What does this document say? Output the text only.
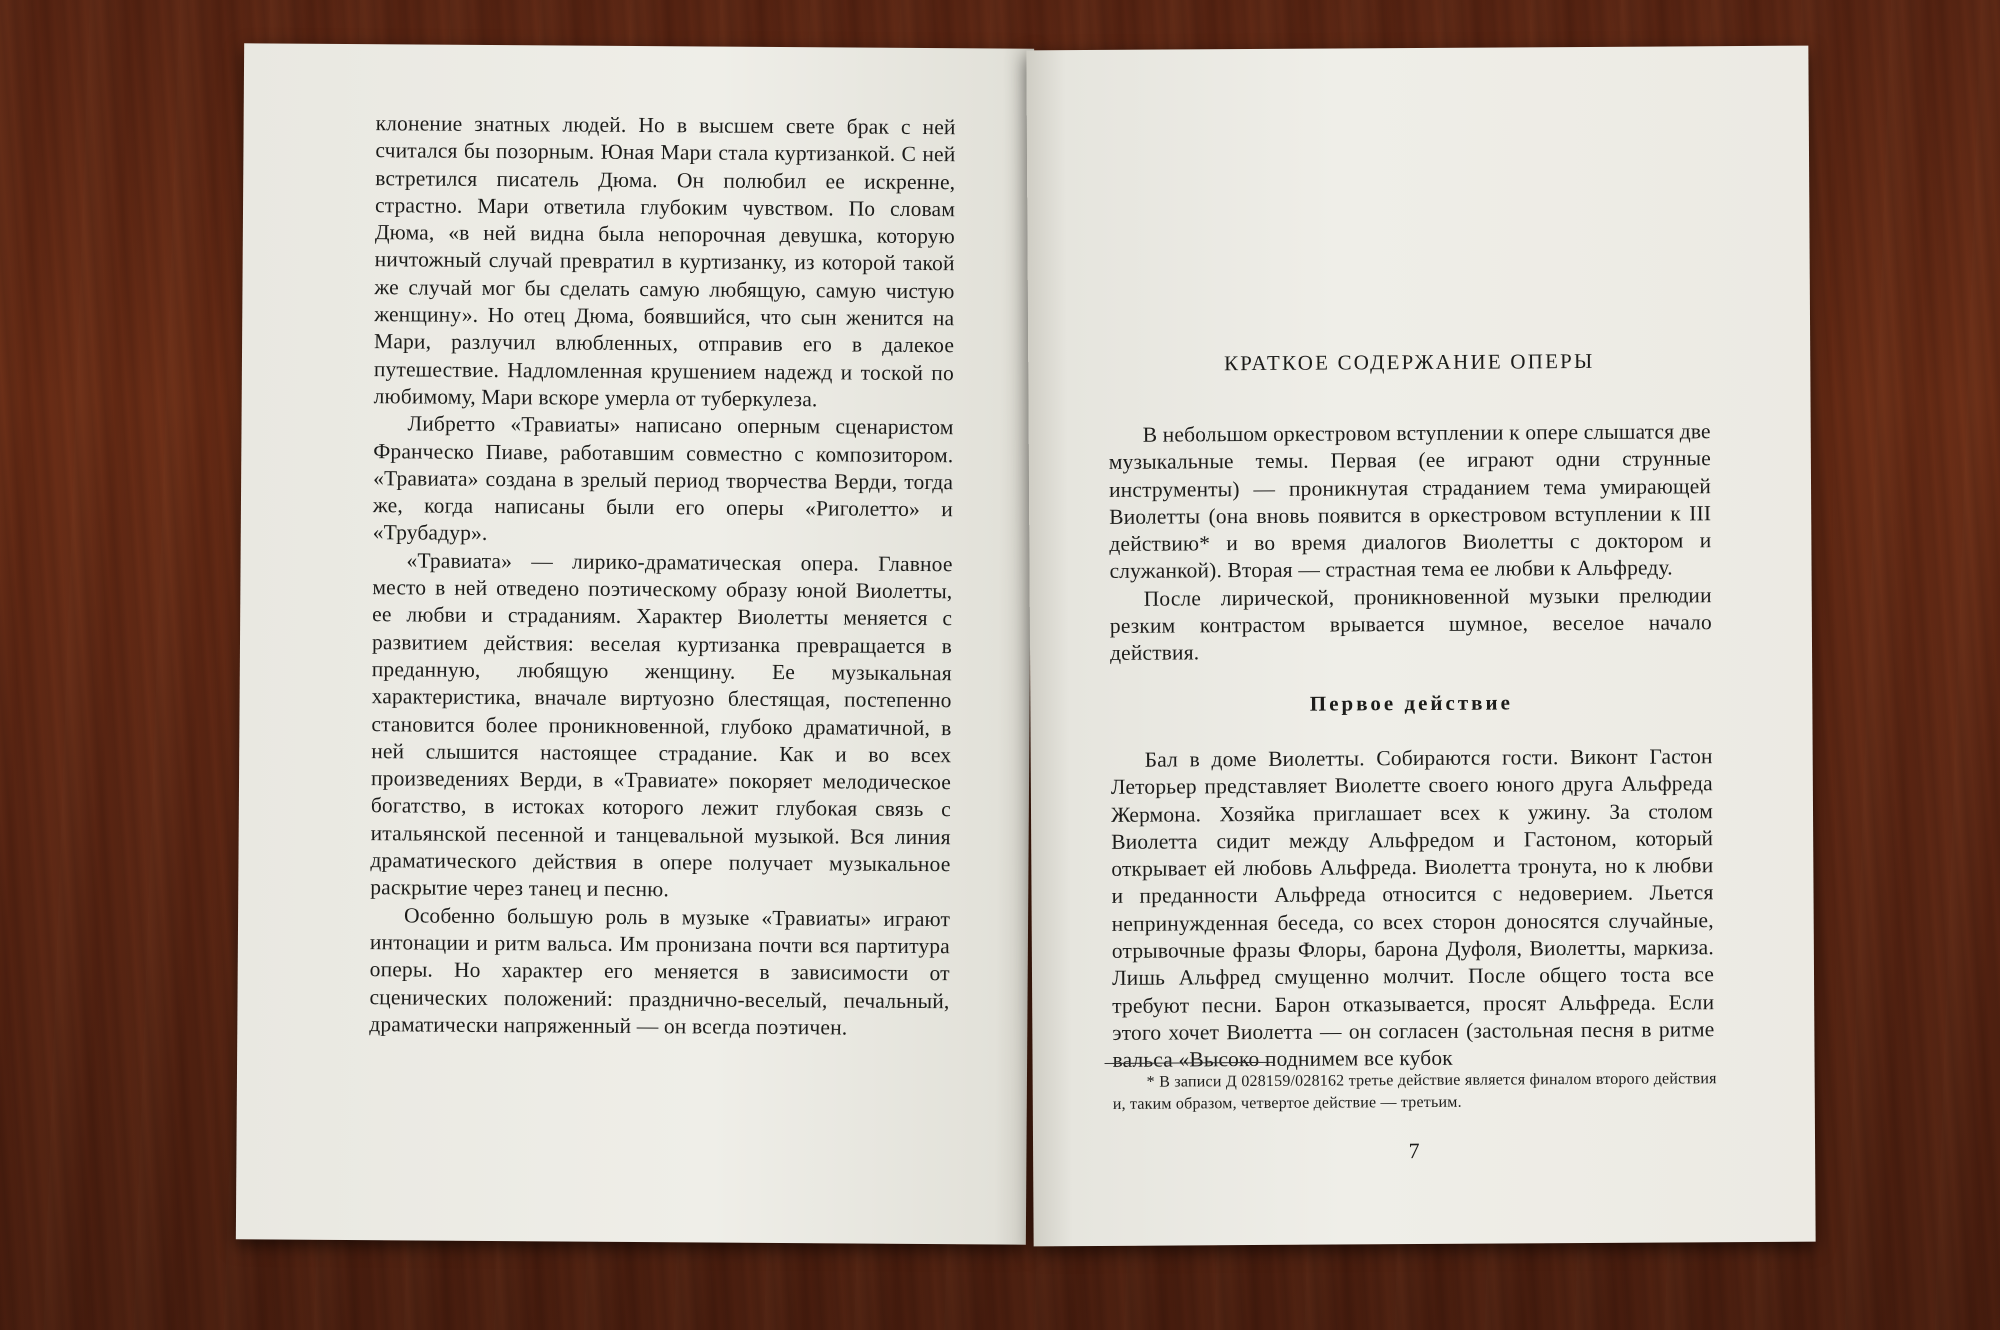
клонение знатных людей. Но в высшем свете брак с ней считался бы позорным. Юная Мари стала куртизанкой. С ней встретился писатель Дюма. Он полюбил ее искренне, страстно. Мари ответила глубоким чувством. По словам Дюма, «в ней видна была непорочная девушка, которую ничтожный случай превратил в куртизанку, из которой такой же случай мог бы сделать самую любящую, самую чистую женщину». Но отец Дюма, боявшийся, что сын женится на Мари, разлучил влюбленных, отправив его в далекое путешествие. Надломленная крушением надежд и тоской по любимому, Мари вскоре умерла от туберкулеза.

Либретто «Травиаты» написано оперным сценаристом Франческо Пиаве, работавшим совместно с композитором. «Травиата» создана в зрелый период творчества Верди, тогда же, когда написаны были его оперы «Риголетто» и «Трубадур».

«Травиата» — лирико-драматическая опера. Главное место в ней отведено поэтическому образу юной Виолетты, ее любви и страданиям. Характер Виолетты меняется с развитием действия: веселая куртизанка превращается в преданную, любящую женщину. Ее музыкальная характеристика, вначале виртуозно блестящая, постепенно становится более проникновенной, глубоко драматичной, в ней слышится настоящее страдание. Как и во всех произведениях Верди, в «Травиате» покоряет мелодическое богатство, в истоках которого лежит глубокая связь с итальянской песенной и танцевальной музыкой. Вся линия драматического действия в опере получает музыкальное раскрытие через танец и песню.

Особенно большую роль в музыке «Травиаты» играют интонации и ритм вальса. Им пронизана почти вся партитура оперы. Но характер его меняется в зависимости от сценических положений: празднично-веселый, печальный, драматически напряженный — он всегда поэтичен.

КРАТКОЕ СОДЕРЖАНИЕ ОПЕРЫ

В небольшом оркестровом вступлении к опере слышатся две музыкальные темы. Первая (ее играют одни струнные инструменты) — проникнутая страданием тема умирающей Виолетты (она вновь появится в оркестровом вступлении к III действию* и во время диалогов Виолетты с доктором и служанкой). Вторая — страстная тема ее любви к Альфреду.

После лирической, проникновенной музыки прелюдии резким контрастом врывается шумное, веселое начало действия.

Первое действие

Бал в доме Виолетты. Собираются гости. Виконт Гастон Леторьер представляет Виолетте своего юного друга Альфреда Жермона. Хозяйка приглашает всех к ужину. За столом Виолетта сидит между Альфредом и Гастоном, который открывает ей любовь Альфреда. Виолетта тронута, но к любви и преданности Альфреда относится с недоверием. Льется непринужденная беседа, со всех сторон доносятся случайные, отрывочные фразы Флоры, барона Дуфоля, Виолетты, маркиза. Лишь Альфред смущенно молчит. После общего тоста все требуют песни. Барон отказывается, просят Альфреда. Если этого хочет Виолетта — он согласен (застольная песня в ритме вальса «Высоко поднимем все кубок

* В записи Д 028159/028162 третье действие является финалом второго действия и, таким образом, четвертое действие — третьим.
7
